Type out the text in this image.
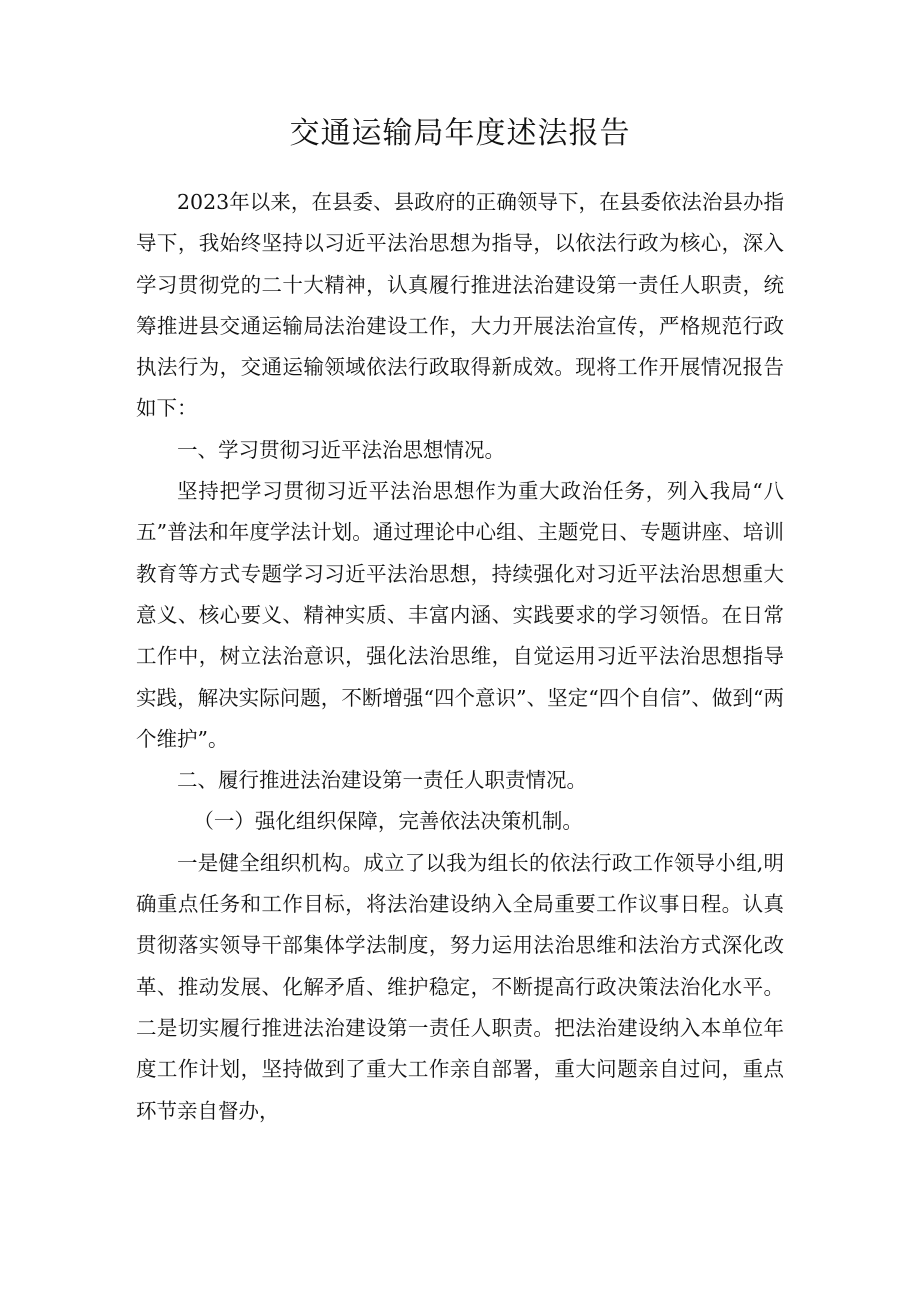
交通运输局年度述法报告

2023年以来，在县委、县政府的正确领导下，在县委依法治县办指导下，我始终坚持以习近平法治思想为指导，以依法行政为核心，深入学习贯彻党的二十大精神，认真履行推进法治建设第一责任人职责，统筹推进县交通运输局法治建设工作，大力开展法治宣传，严格规范行政执法行为，交通运输领域依法行政取得新成效。现将工作开展情况报告如下：

一、学习贯彻习近平法治思想情况。

坚持把学习贯彻习近平法治思想作为重大政治任务，列入我局“八五”普法和年度学法计划。通过理论中心组、主题党日、专题讲座、培训教育等方式专题学习习近平法治思想，持续强化对习近平法治思想重大意义、核心要义、精神实质、丰富内涵、实践要求的学习领悟。在日常工作中，树立法治意识，强化法治思维，自觉运用习近平法治思想指导实践，解决实际问题，不断增强“四个意识”、坚定“四个自信”、做到“两个维护”。

二、履行推进法治建设第一责任人职责情况。

（一）强化组织保障，完善依法决策机制。

一是健全组织机构。成立了以我为组长的依法行政工作领导小组,明确重点任务和工作目标，将法治建设纳入全局重要工作议事日程。认真贯彻落实领导干部集体学法制度，努力运用法治思维和法治方式深化改革、推动发展、化解矛盾、维护稳定，不断提高行政决策法治化水平。二是切实履行推进法治建设第一责任人职责。把法治建设纳入本单位年度工作计划，坚持做到了重大工作亲自部署，重大问题亲自过问，重点环节亲自督办，
